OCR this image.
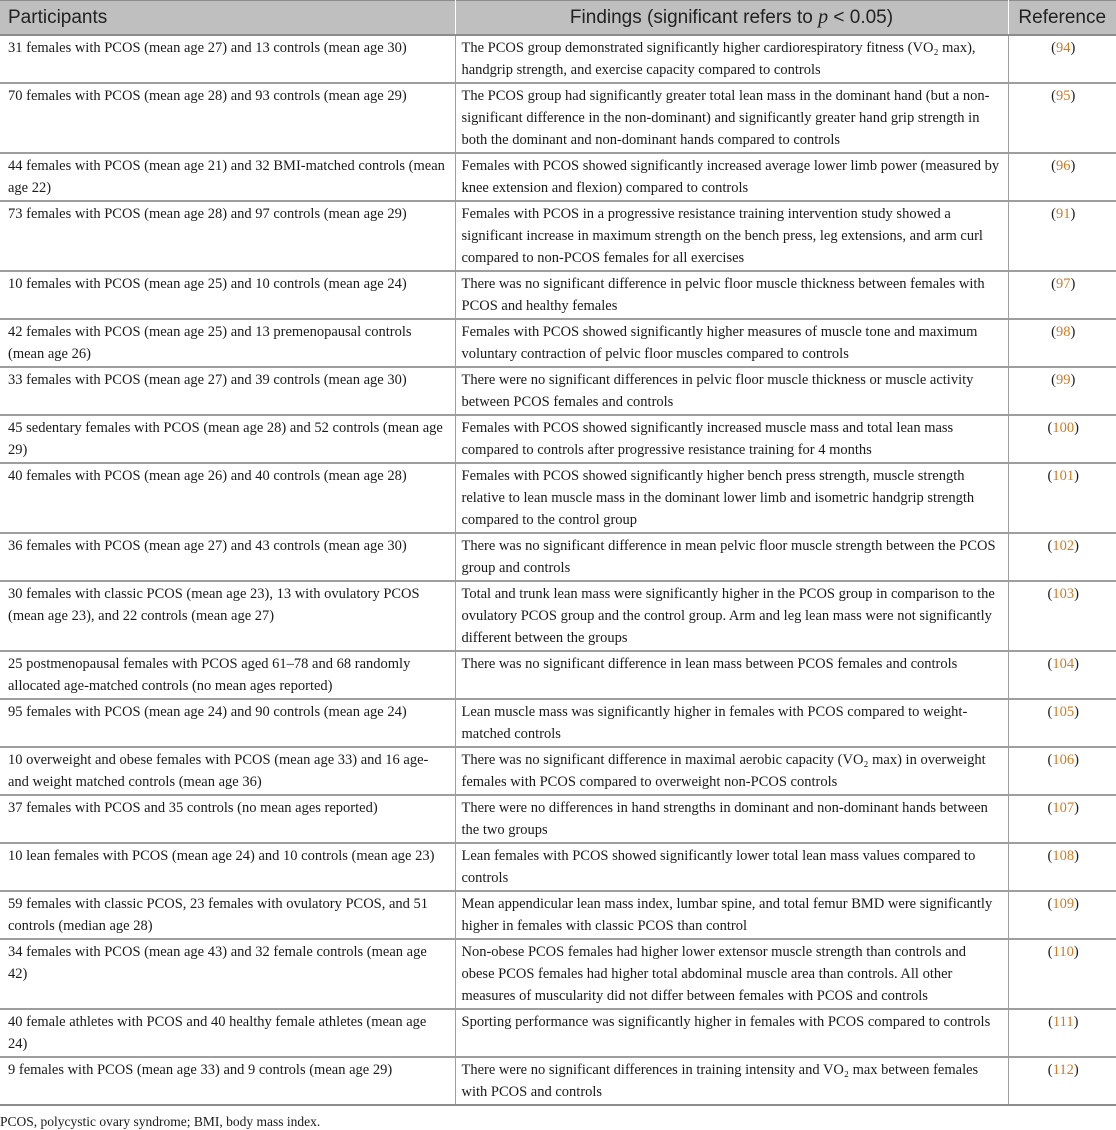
Participants	Findings (significant refers to p < 0.05)	Reference
31 females with PCOS (mean age 27) and 13 controls (mean age 30)	The PCOS group demonstrated significantly higher cardiorespiratory fitness (VO₂ max), handgrip strength, and exercise capacity compared to controls	(94)
70 females with PCOS (mean age 28) and 93 controls (mean age 29)	The PCOS group had significantly greater total lean mass in the dominant hand (but a non-significant difference in the non-dominant) and significantly greater hand grip strength in both the dominant and non-dominant hands compared to controls	(95)
44 females with PCOS (mean age 21) and 32 BMI-matched controls (mean age 22)	Females with PCOS showed significantly increased average lower limb power (measured by knee extension and flexion) compared to controls	(96)
73 females with PCOS (mean age 28) and 97 controls (mean age 29)	Females with PCOS in a progressive resistance training intervention study showed a significant increase in maximum strength on the bench press, leg extensions, and arm curl compared to non-PCOS females for all exercises	(91)
10 females with PCOS (mean age 25) and 10 controls (mean age 24)	There was no significant difference in pelvic floor muscle thickness between females with PCOS and healthy females	(97)
42 females with PCOS (mean age 25) and 13 premenopausal controls (mean age 26)	Females with PCOS showed significantly higher measures of muscle tone and maximum voluntary contraction of pelvic floor muscles compared to controls	(98)
33 females with PCOS (mean age 27) and 39 controls (mean age 30)	There were no significant differences in pelvic floor muscle thickness or muscle activity between PCOS females and controls	(99)
45 sedentary females with PCOS (mean age 28) and 52 controls (mean age 29)	Females with PCOS showed significantly increased muscle mass and total lean mass compared to controls after progressive resistance training for 4 months	(100)
40 females with PCOS (mean age 26) and 40 controls (mean age 28)	Females with PCOS showed significantly higher bench press strength, muscle strength relative to lean muscle mass in the dominant lower limb and isometric handgrip strength compared to the control group	(101)
36 females with PCOS (mean age 27) and 43 controls (mean age 30)	There was no significant difference in mean pelvic floor muscle strength between the PCOS group and controls	(102)
30 females with classic PCOS (mean age 23), 13 with ovulatory PCOS (mean age 23), and 22 controls (mean age 27)	Total and trunk lean mass were significantly higher in the PCOS group in comparison to the ovulatory PCOS group and the control group. Arm and leg lean mass were not significantly different between the groups	(103)
25 postmenopausal females with PCOS aged 61–78 and 68 randomly allocated age-matched controls (no mean ages reported)	There was no significant difference in lean mass between PCOS females and controls	(104)
95 females with PCOS (mean age 24) and 90 controls (mean age 24)	Lean muscle mass was significantly higher in females with PCOS compared to weight-matched controls	(105)
10 overweight and obese females with PCOS (mean age 33) and 16 age-and weight matched controls (mean age 36)	There was no significant difference in maximal aerobic capacity (VO₂ max) in overweight females with PCOS compared to overweight non-PCOS controls	(106)
37 females with PCOS and 35 controls (no mean ages reported)	There were no differences in hand strengths in dominant and non-dominant hands between the two groups	(107)
10 lean females with PCOS (mean age 24) and 10 controls (mean age 23)	Lean females with PCOS showed significantly lower total lean mass values compared to controls	(108)
59 females with classic PCOS, 23 females with ovulatory PCOS, and 51 controls (median age 28)	Mean appendicular lean mass index, lumbar spine, and total femur BMD were significantly higher in females with classic PCOS than control	(109)
34 females with PCOS (mean age 43) and 32 female controls (mean age 42)	Non-obese PCOS females had higher lower extensor muscle strength than controls and obese PCOS females had higher total abdominal muscle area than controls. All other measures of muscularity did not differ between females with PCOS and controls	(110)
40 female athletes with PCOS and 40 healthy female athletes (mean age 24)	Sporting performance was significantly higher in females with PCOS compared to controls	(111)
9 females with PCOS (mean age 33) and 9 controls (mean age 29)	There were no significant differences in training intensity and VO₂ max between females with PCOS and controls	(112)
PCOS, polycystic ovary syndrome; BMI, body mass index.
